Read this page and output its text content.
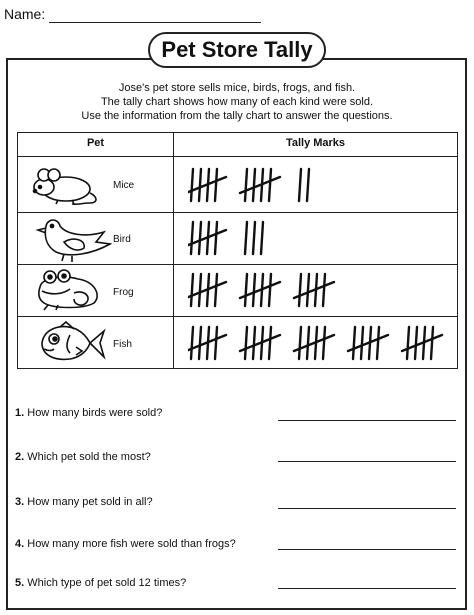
Name:
Pet Store Tally
Jose's pet store sells mice, birds, frogs, and fish.
The tally chart shows how many of each kind were sold.
Use the information from the tally chart to answer the questions.
Pet	Tally Marks
Mice
Bird
Frog
Fish
1. How many birds were sold?
2. Which pet sold the most?
3. How many pet sold in all?
4. How many more fish were sold than frogs?
5. Which type of pet sold 12 times?
